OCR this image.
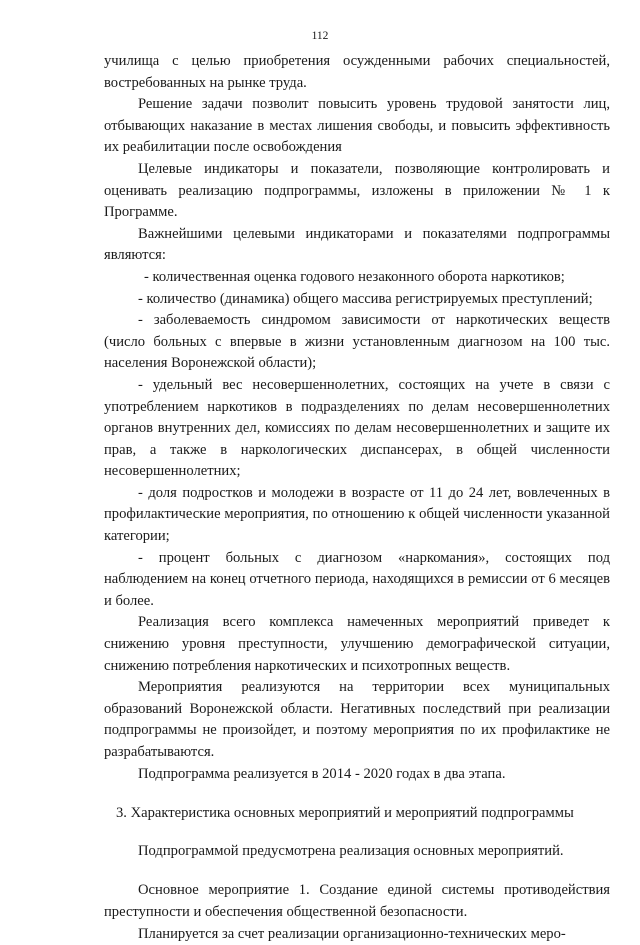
112

училища с целью приобретения осужденными рабочих специальностей, востребованных на рынке труда.

Решение задачи позволит повысить уровень трудовой занятости лиц, отбывающих наказание в местах лишения свободы, и повысить эффективность их реабилитации после освобождения

Целевые индикаторы и показатели, позволяющие контролировать и оценивать реализацию подпрограммы, изложены в приложении № 1 к Программе.

Важнейшими целевыми индикаторами и показателями подпрограммы являются:

- количественная оценка годового незаконного оборота наркотиков;

- количество (динамика) общего массива регистрируемых преступлений;

- заболеваемость синдромом зависимости от наркотических веществ (число больных с впервые в жизни установленным диагнозом на 100 тыс. населения Воронежской области);

- удельный вес несовершеннолетних, состоящих на учете в связи с употреблением наркотиков в подразделениях по делам несовершеннолетних органов внутренних дел, комиссиях по делам несовершеннолетних и защите их прав, а также в наркологических диспансерах, в общей численности несовершеннолетних;

- доля подростков и молодежи в возрасте от 11 до 24 лет, вовлеченных в профилактические мероприятия, по отношению к общей численности указанной категории;

- процент больных с диагнозом «наркомания», состоящих под наблюдением на конец отчетного периода, находящихся в ремиссии от 6 месяцев и более.

Реализация всего комплекса намеченных мероприятий приведет к снижению уровня преступности, улучшению демографической ситуации, снижению потребления наркотических и психотропных веществ.

Мероприятия реализуются на территории всех муниципальных образований Воронежской области. Негативных последствий при реализации подпрограммы не произойдет, и поэтому мероприятия по их профилактике не разрабатываются.

Подпрограмма реализуется в 2014 - 2020 годах в два этапа.

3. Характеристика основных мероприятий и мероприятий подпрограммы

Подпрограммой предусмотрена реализация основных мероприятий.

Основное мероприятие 1. Создание единой системы противодействия преступности и обеспечения общественной безопасности.

Планируется за счет реализации организационно-технических меро-
